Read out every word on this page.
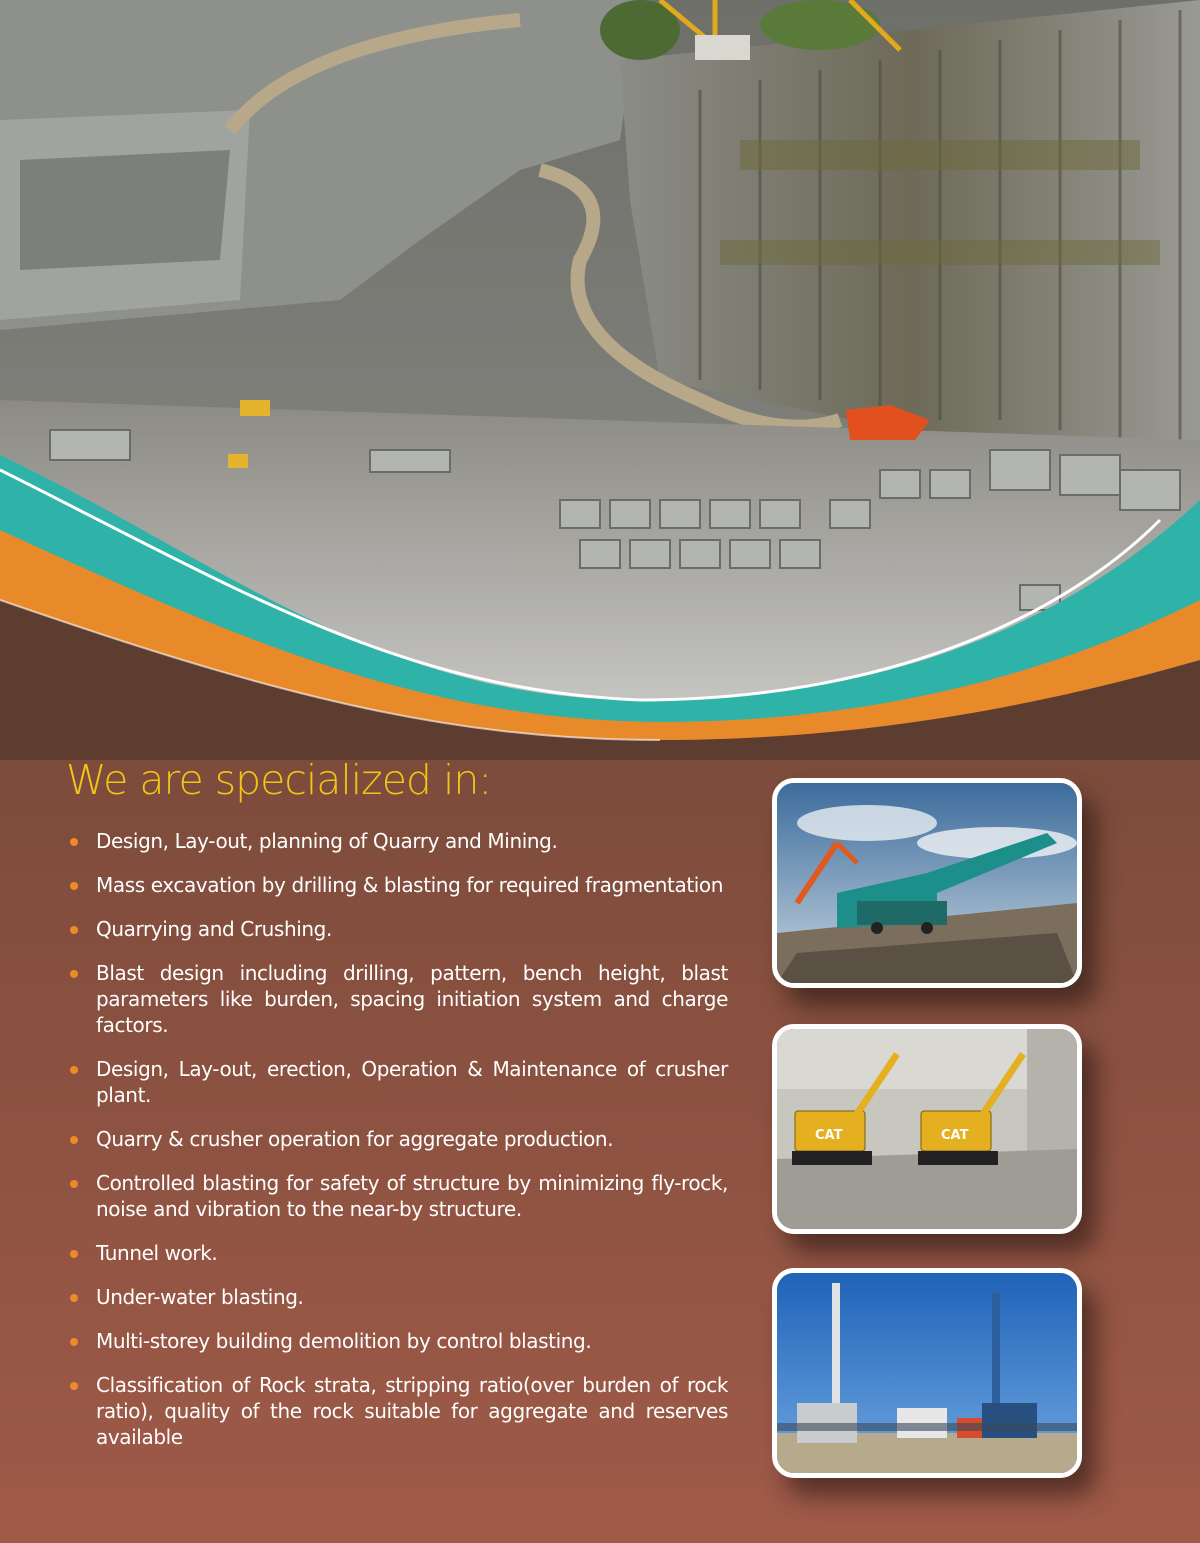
We are specialized in:
Design, Lay-out, planning of Quarry and Mining.
Mass excavation by drilling & blasting for required fragmentation
Quarrying and Crushing.
Blast design including drilling, pattern, bench height, blast parameters like burden, spacing initiation system and charge factors.
Design, Lay-out, erection, Operation & Maintenance of crusher plant.
Quarry & crusher operation for aggregate production.
Controlled blasting for safety of structure by minimizing fly-rock, noise and vibration to the near-by structure.
Tunnel work.
Under-water blasting.
Multi-storey building demolition by control blasting.
Classification of Rock strata, stripping ratio(over burden of rock ratio), quality of the rock suitable for aggregate and reserves available
CAT	CAT
